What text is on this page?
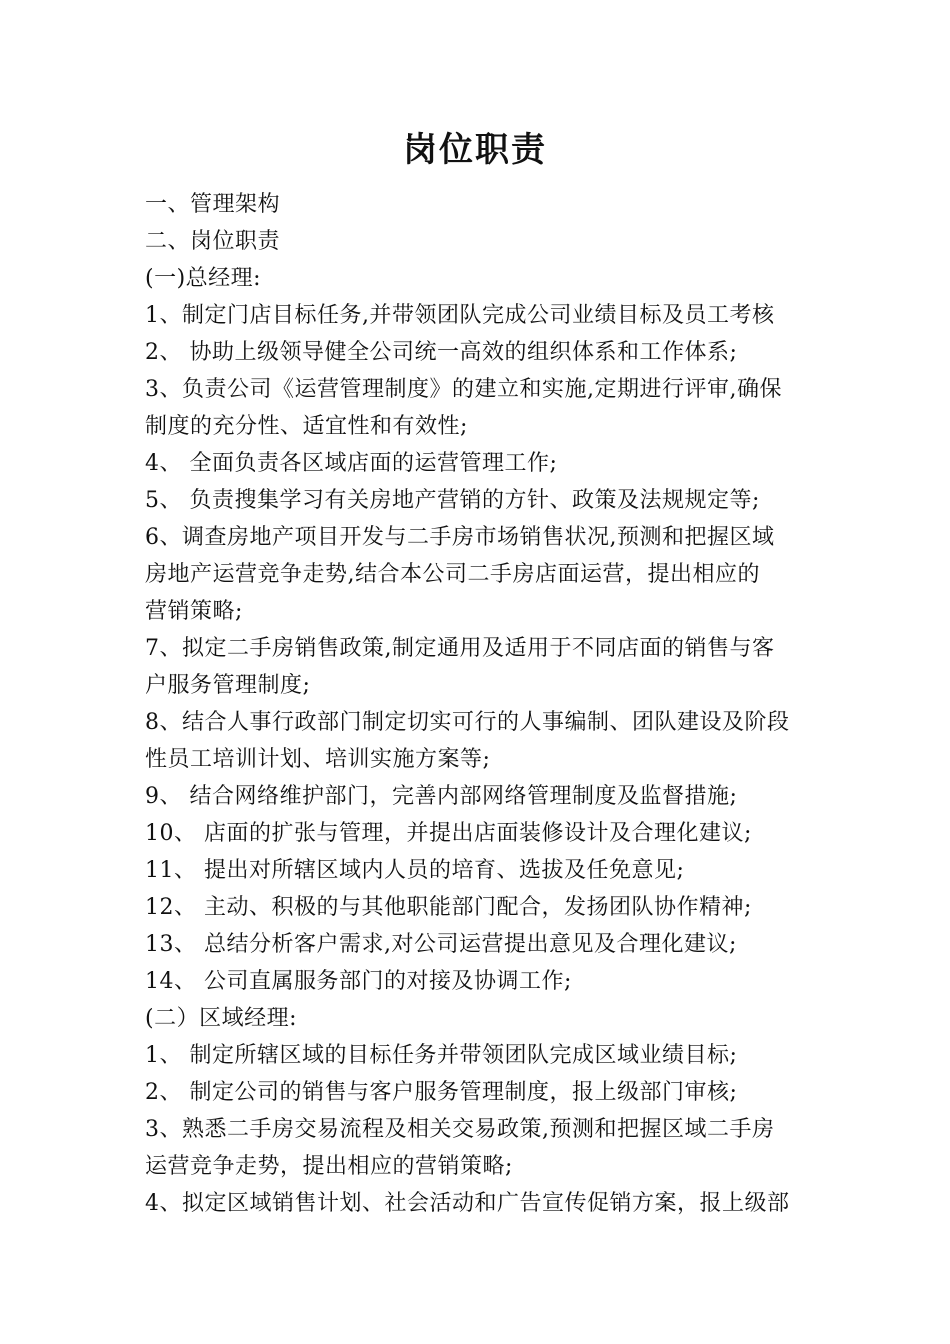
岗位职责
一、管理架构
二、岗位职责
(一)总经理:
1、制定门店目标任务,并带领团队完成公司业绩目标及员工考核
2、 协助上级领导健全公司统一高效的组织体系和工作体系;
3、负责公司《运营管理制度》的建立和实施,定期进行评审,确保
制度的充分性、适宜性和有效性;
4、 全面负责各区域店面的运营管理工作;
5、 负责搜集学习有关房地产营销的方针、政策及法规规定等;
6、调查房地产项目开发与二手房市场销售状况,预测和把握区域
房地产运营竞争走势,结合本公司二手房店面运营，提出相应的
营销策略;
7、拟定二手房销售政策,制定通用及适用于不同店面的销售与客
户服务管理制度;
8、结合人事行政部门制定切实可行的人事编制、团队建设及阶段
性员工培训计划、培训实施方案等;
9、 结合网络维护部门，完善内部网络管理制度及监督措施;
10、 店面的扩张与管理，并提出店面装修设计及合理化建议;
11、 提出对所辖区域内人员的培育、选拔及任免意见;
12、 主动、积极的与其他职能部门配合，发扬团队协作精神;
13、 总结分析客户需求,对公司运营提出意见及合理化建议;
14、 公司直属服务部门的对接及协调工作;
(二）区域经理:
1、 制定所辖区域的目标任务并带领团队完成区域业绩目标;
2、 制定公司的销售与客户服务管理制度，报上级部门审核;
3、熟悉二手房交易流程及相关交易政策,预测和把握区域二手房
运营竞争走势，提出相应的营销策略;
4、拟定区域销售计划、社会活动和广告宣传促销方案，报上级部
